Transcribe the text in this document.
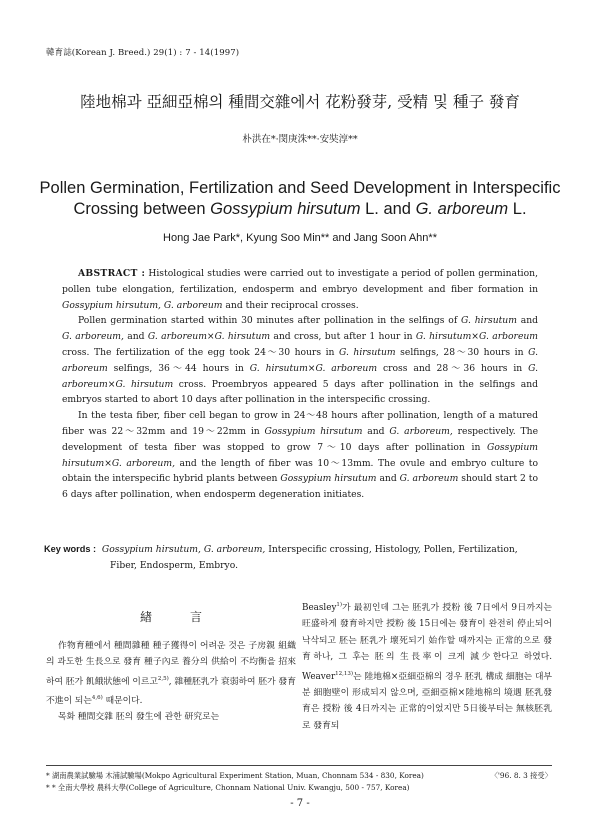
韓育誌(Korean J. Breed.) 29(1) : 7 - 14(1997)
陸地棉과 亞細亞棉의 種間交雜에서 花粉發芽, 受精 및 種子 發育
朴洪在*·閔庚洙**·安奘淳**
Pollen Germination, Fertilization and Seed Development in Interspecific
Crossing between Gossypium hirsutum L. and G. arboreum L.
Hong Jae Park*, Kyung Soo Min** and Jang Soon Ahn**

ABSTRACT : Histological studies were carried out to investigate a period of pollen germination, pollen tube elongation, fertilization, endosperm and embryo development and fiber formation in Gossypium hirsutum, G. arboreum and their reciprocal crosses.

Pollen germination started within 30 minutes after pollination in the selfings of G. hirsutum and G. arboreum, and G. arboreum×G. hirsutum and cross, but after 1 hour in G. hirsutum×G. arboreum cross. The fertilization of the egg took 24～30 hours in G. hirsutum selfings, 28～30 hours in G. arboreum selfings, 36～44 hours in G. hirsutum×G. arboreum cross and 28～36 hours in G. arboreum×G. hirsutum cross. Proembryos appeared 5 days after pollination in the selfings and embryos started to abort 10 days after pollination in the interspecific crossing.

In the testa fiber, fiber cell began to grow in 24～48 hours after pollination, length of a matured fiber was 22～32mm and 19～22mm in Gossypium hirsutum and G. arboreum, respectively. The development of testa fiber was stopped to grow 7～10 days after pollination in Gossypium hirsutum×G. arboreum, and the length of fiber was 10～13mm. The ovule and embryo culture to obtain the interspecific hybrid plants between Gossypium hirsutum and G. arboreum should start 2 to 6 days after pollination, when endosperm degeneration initiates.

Key words : Gossypium hirsutum, G. arboreum, Interspecific crossing, Histology, Pollen, Fertilization,
Fiber, Endosperm, Embryo.
緖言
作物育種에서 種間雜種 種子獲得이 어려운 것은 子房親 組織의 과도한 生長으로 發育 種子內로 養分의 供給이 不均衡을 招來하여 胚가 飢餓狀態에 이르고$^{2,5)}$, 雜種胚乳가 衰弱하여 胚가 發育不進이 되는$^{4,6)}$ 때문이다.
목화 種間交雜 胚의 發生에 관한 研究로는
Beasley$^{1)}$가 最初인데 그는 胚乳가 授粉 後 7日에서 9日까지는 旺盛하게 發育하지만 授粉 後 15日에는 發育이 완전히 停止되어 낙삭되고 胚는 胚乳가 壞死되기 始作할 때까지는 正常的으로 發育하나, 그 후는 胚의 生長率이 크게 減少한다고 하였다. Weaver$^{12,13)}$는 陸地棉×亞細亞棉의 경우 胚乳 構成 細胞는 대부분 細胞壁이 形成되지 않으며, 亞細亞棉×陸地棉의 境遇 胚乳發育은 授粉 後 4日까지는 正常的이었지만 5日後부터는 無核胚乳로 發育되
* 湖南農業試驗場 木浦試驗場(Mokpo Agricultural Experiment Station, Muan, Chonnam 534 - 830, Korea)	〈'96. 8. 3 接受〉
* * 全南大學校 農科大學(College of Agriculture, Chonnam National Univ. Kwangju, 500 - 757, Korea)
- 7 -
